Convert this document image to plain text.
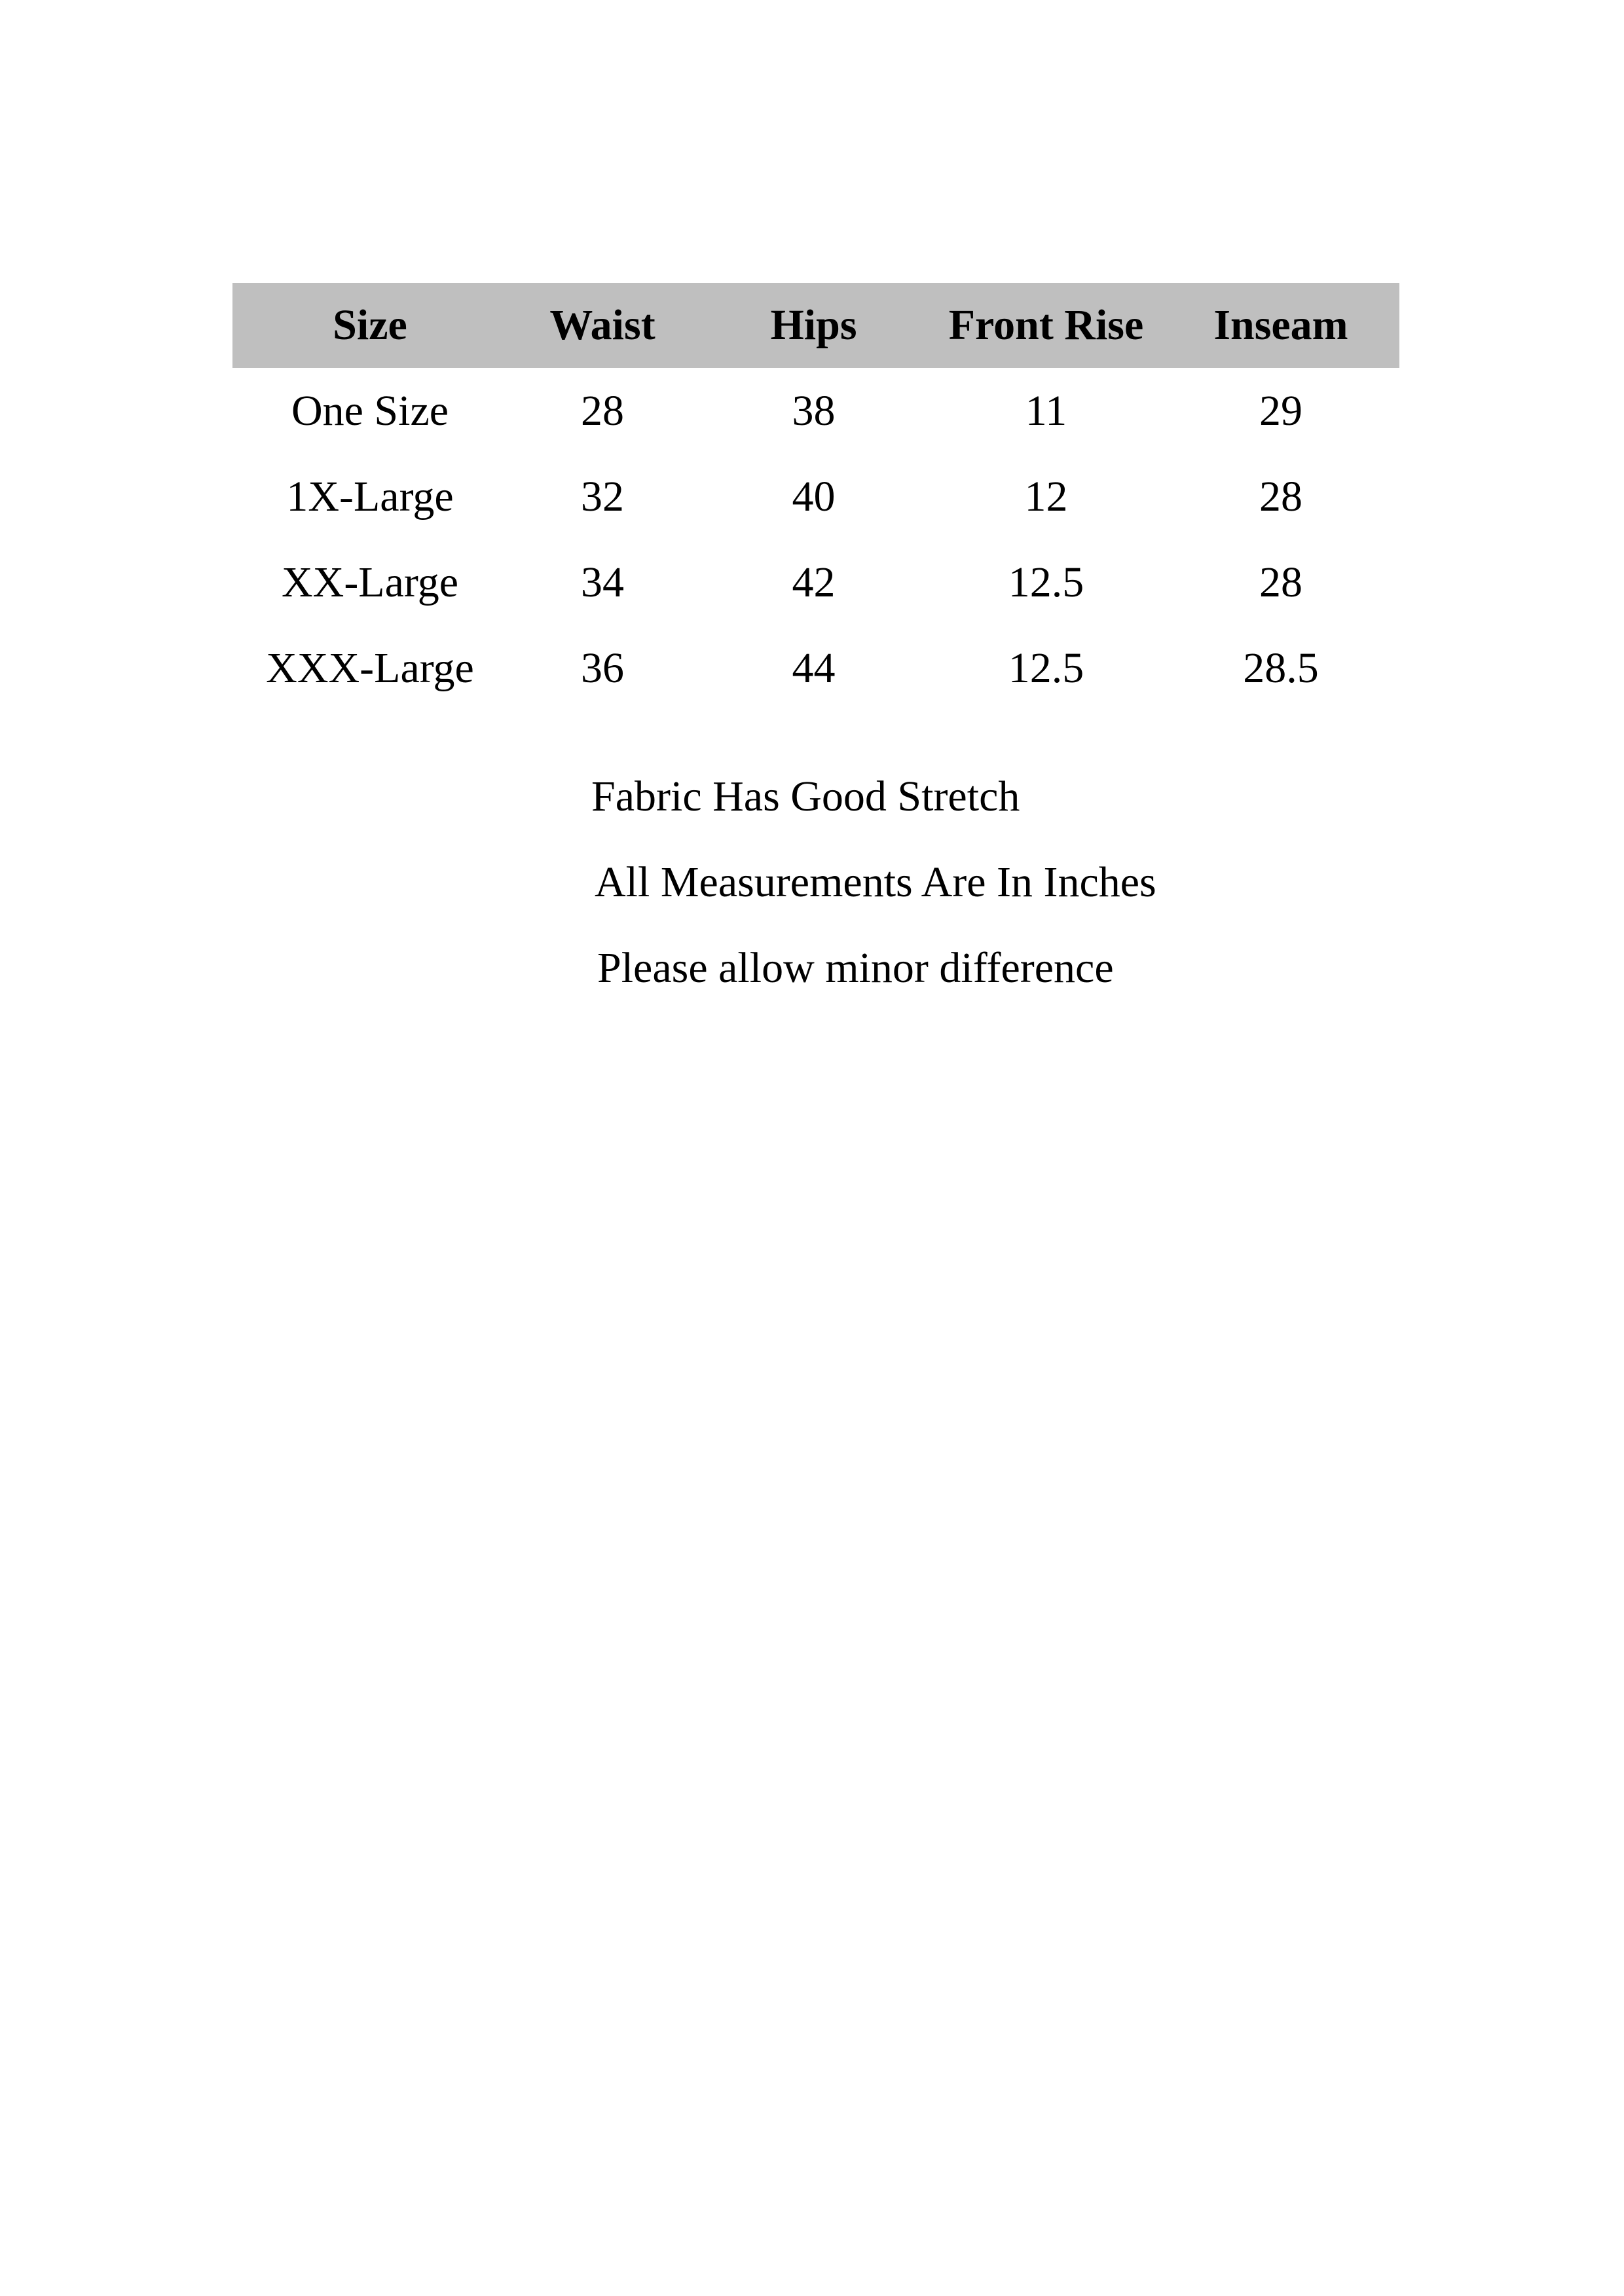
Size	Waist	Hips	Front Rise	Inseam
One Size	28	38	11	29
1X-Large	32	40	12	28
XX-Large	34	42	12.5	28
XXX-Large	36	44	12.5	28.5
Fabric Has Good Stretch
All Measurements Are In Inches
Please allow minor difference
